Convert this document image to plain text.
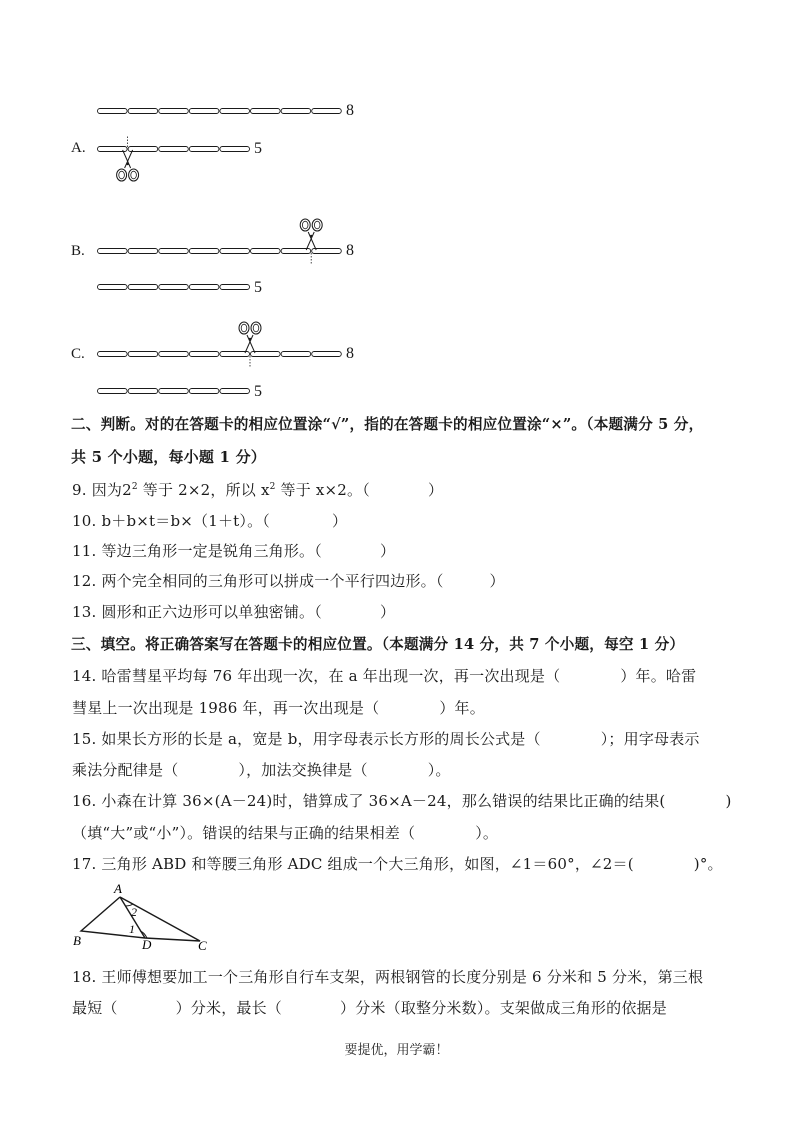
A.
B.
C.
8
5
8
5
8
5
二、判断。对的在答题卡的相应位置涂“√”，指的在答题卡的相应位置涂“×”。（本题满分 5 分，
共 5 个小题，每小题 1 分）
9. 因为$2^2$ 等于 2×2，所以 $x^2$ 等于 x×2。（	）
10. b＋b×t＝b×（1＋t）。（	）
11. 等边三角形一定是锐角三角形。（	）
12. 两个完全相同的三角形可以拼成一个平行四边形。（	）
13. 圆形和正六边形可以单独密铺。（	）
三、填空。将正确答案写在答题卡的相应位置。（本题满分 14 分，共 7 个小题，每空 1 分）
14. 哈雷彗星平均每 76 年出现一次，在 a 年出现一次，再一次出现是（	）年。哈雷
彗星上一次出现是 1986 年，再一次出现是（	）年。
15. 如果长方形的长是 a，宽是 b，用字母表示长方形的周长公式是（	）；用字母表示
乘法分配律是（	），加法交换律是（	）。
16. 小森在计算 36×(A－24)时，错算成了 36×A－24，那么错误的结果比正确的结果(	)
（填“大”或“小”）。错误的结果与正确的结果相差（	）。
17. 三角形 ABD 和等腰三角形 ADC 组成一个大三角形，如图，∠1＝60°，∠2＝(	)°。
A
B	D	C
2
1
18. 王师傅想要加工一个三角形自行车支架，两根钢管的长度分别是 6 分米和 5 分米，第三根
最短（	）分米，最长（	）分米（取整分米数）。支架做成三角形的依据是
要提优，用学霸！
